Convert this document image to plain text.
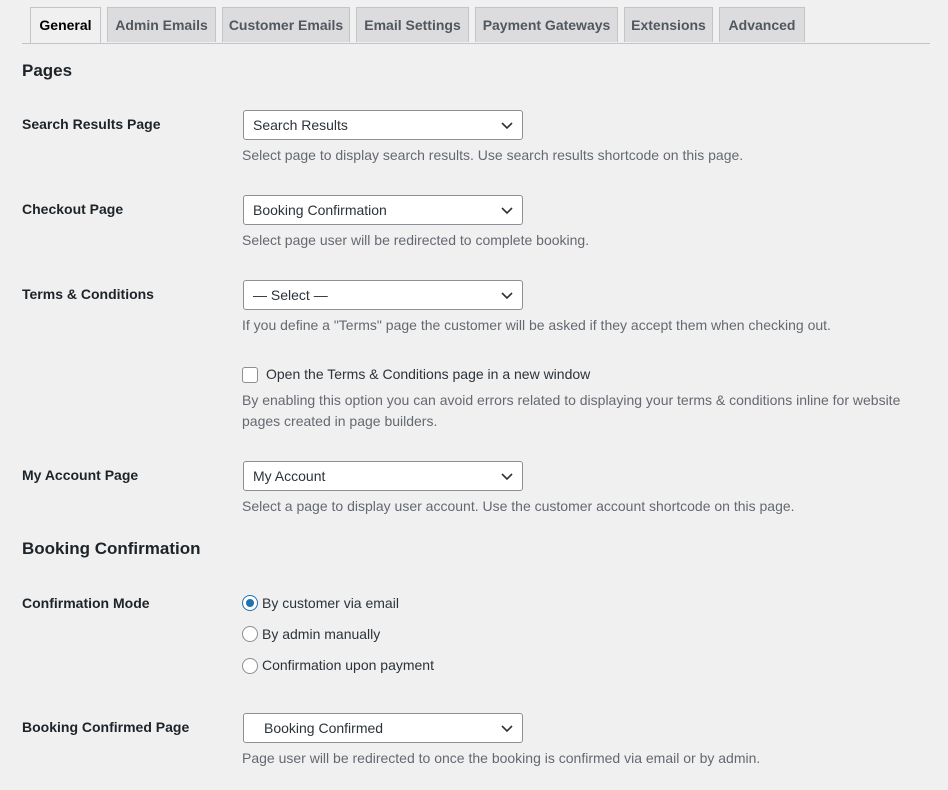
General	Admin Emails	Customer Emails	Email Settings	Payment Gateways	Extensions	Advanced
Pages
Search Results Page	Search Results
Select page to display search results. Use search results shortcode on this page.
Checkout Page	Booking Confirmation
Select page user will be redirected to complete booking.
Terms & Conditions	— Select —
If you define a "Terms" page the customer will be asked if they accept them when checking out.
Open the Terms & Conditions page in a new window
By enabling this option you can avoid errors related to displaying your terms & conditions inline for website
pages created in page builders.
My Account Page	My Account
Select a page to display user account. Use the customer account shortcode on this page.
Booking Confirmation
Confirmation Mode	By customer via email
By admin manually
Confirmation upon payment
Booking Confirmed Page	Booking Confirmed
Page user will be redirected to once the booking is confirmed via email or by admin.
